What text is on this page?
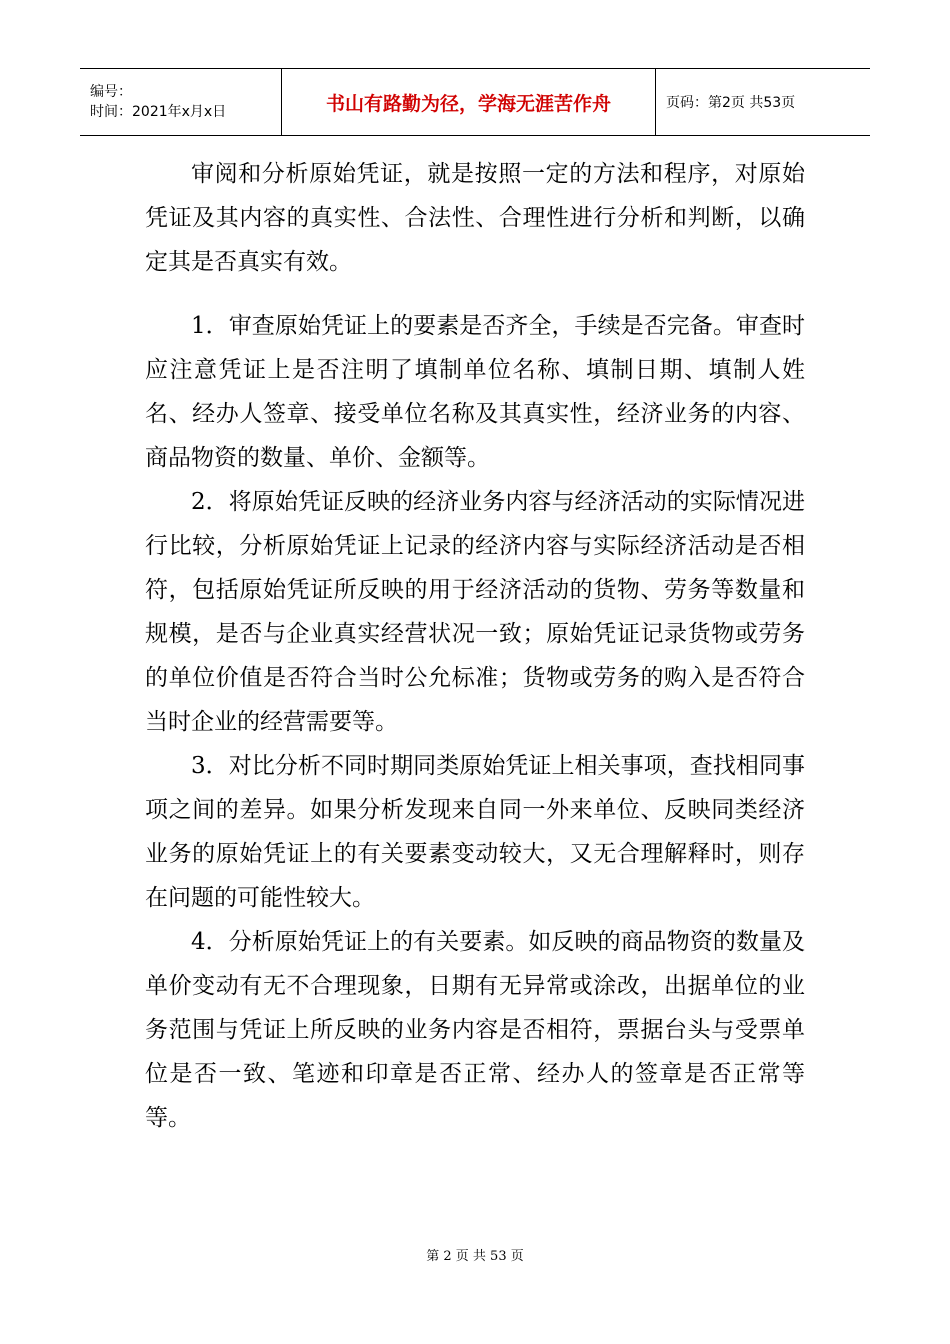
编号：
时间：2021年x月x日	书山有路勤为径，学海无涯苦作舟	页码：第2页 共53页

审阅和分析原始凭证，就是按照一定的方法和程序，对原始凭证及其内容的真实性、合法性、合理性进行分析和判断，以确定其是否真实有效。

1．审查原始凭证上的要素是否齐全，手续是否完备。审查时应注意凭证上是否注明了填制单位名称、填制日期、填制人姓名、经办人签章、接受单位名称及其真实性，经济业务的内容、商品物资的数量、单价、金额等。

2．将原始凭证反映的经济业务内容与经济活动的实际情况进行比较，分析原始凭证上记录的经济内容与实际经济活动是否相符，包括原始凭证所反映的用于经济活动的货物、劳务等数量和规模，是否与企业真实经营状况一致；原始凭证记录货物或劳务的单位价值是否符合当时公允标准；货物或劳务的购入是否符合当时企业的经营需要等。

3．对比分析不同时期同类原始凭证上相关事项，查找相同事项之间的差异。如果分析发现来自同一外来单位、反映同类经济业务的原始凭证上的有关要素变动较大，又无合理解释时，则存在问题的可能性较大。

4．分析原始凭证上的有关要素。如反映的商品物资的数量及单价变动有无不合理现象，日期有无异常或涂改，出据单位的业务范围与凭证上所反映的业务内容是否相符，票据台头与受票单位是否一致、笔迹和印章是否正常、经办人的签章是否正常等等。

第 2 页 共 53 页
